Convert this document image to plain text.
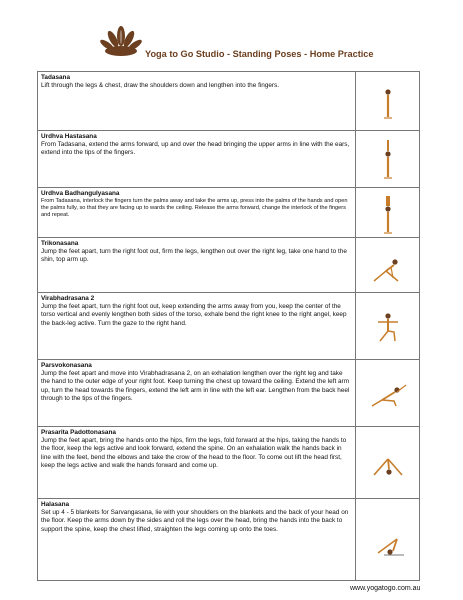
Yoga to Go Studio - Standing Poses - Home Practice
Tadasana
Lift through the legs & chest, draw the shoulders down and lengthen into the fingers.

Urdhva Hastasana
From Tadasana, extend the arms forward, up and over the head bringing the upper arms in line with the ears, extend into the tips of the fingers.

Urdhva Badhangulyasana
From Tadasana, interlock the fingers turn the palms away and take the arms up, press into the palms of the hands and open the palms fully, so that they are facing up to wards the ceiling. Release the arms forward, change the interlock of the fingers and repeat.

Trikonasana
Jump the feet apart, turn the right foot out, firm the legs, lengthen out over the right leg, take one hand to the shin, top arm up.

Virabhadrasana 2
Jump the feet apart, turn the right foot out, keep extending the arms away from you, keep the center of the torso vertical and evenly lengthen both sides of the torso, exhale bend the right knee to the right angel, keep the back-leg active. Turn the gaze to the right hand.

Parsvokonasana
Jump the feet apart and move into Virabhadrasana 2, on an exhalation lengthen over the right leg and take the hand to the outer edge of your right foot. Keep turning the chest up toward the ceiling. Extend the left arm up, turn the head towards the fingers, extend the left arm in line with the left ear. Lengthen from the back heel through to the tips of the fingers.

Prasarita Padottonasana
Jump the feet apart, bring the hands onto the hips, firm the legs, fold forward at the hips, taking the hands to the floor, keep the legs active and look forward, extend the spine. On an exhalation walk the hands back in line with the feet, bend the elbows and take the crow of the head to the floor. To come out lift the head first, keep the legs active and walk the hands forward and come up.

Halasana
Set up 4 - 5 blankets for Sarvangasana, lie with your shoulders on the blankets and the back of your head on the floor. Keep the arms down by the sides and roll the legs over the head, bring the hands into the back to support the spine, keep the chest lifted, straighten the legs coming up onto the toes.

www.yogatogo.com.au
